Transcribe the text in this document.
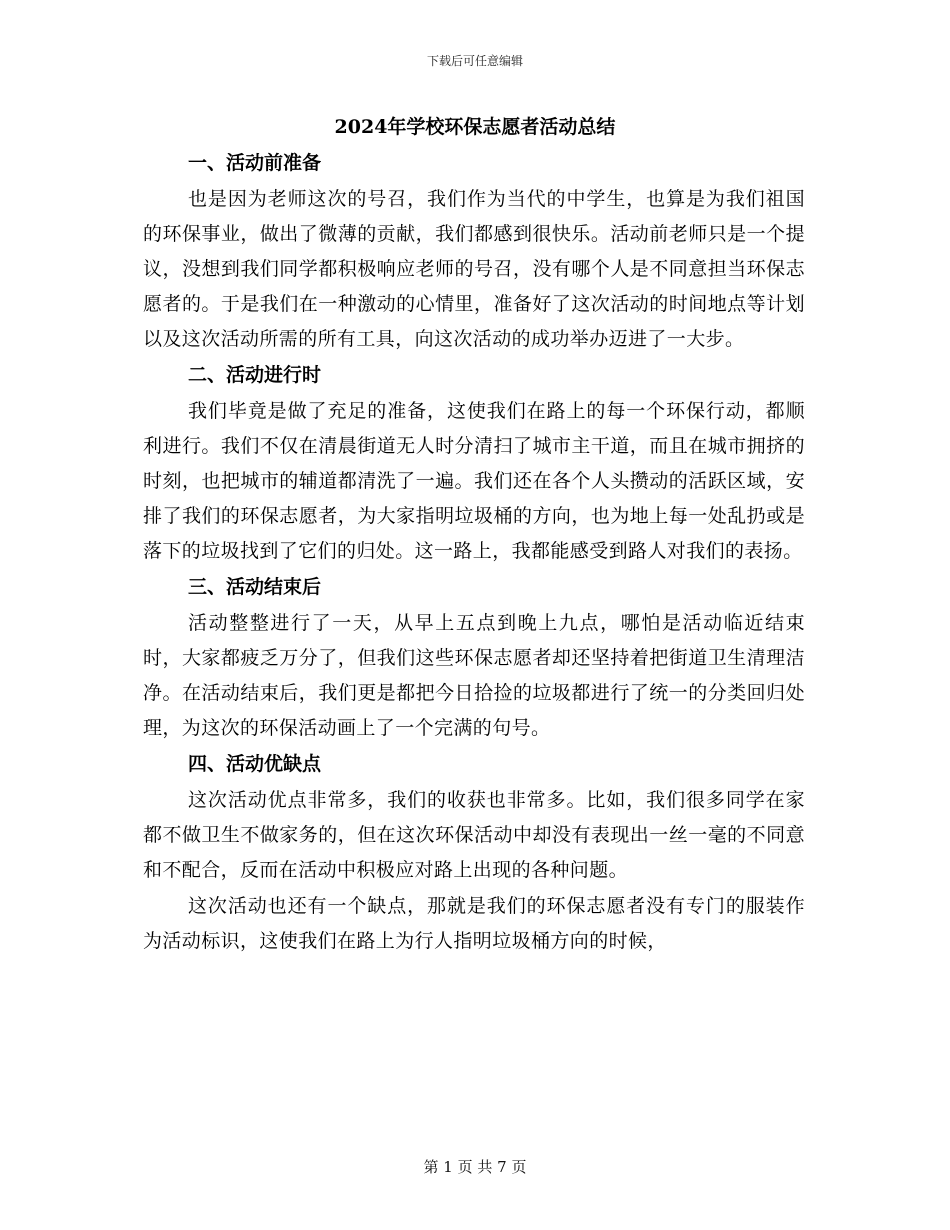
下载后可任意编辑
2024年学校环保志愿者活动总结
一、活动前准备

也是因为老师这次的号召，我们作为当代的中学生，也算是为我们祖国的环保事业，做出了微薄的贡献，我们都感到很快乐。活动前老师只是一个提议，没想到我们同学都积极响应老师的号召，没有哪个人是不同意担当环保志愿者的。于是我们在一种激动的心情里，准备好了这次活动的时间地点等计划以及这次活动所需的所有工具，向这次活动的成功举办迈进了一大步。

二、活动进行时

我们毕竟是做了充足的准备，这使我们在路上的每一个环保行动，都顺利进行。我们不仅在清晨街道无人时分清扫了城市主干道，而且在城市拥挤的时刻，也把城市的辅道都清洗了一遍。我们还在各个人头攒动的活跃区域，安排了我们的环保志愿者，为大家指明垃圾桶的方向，也为地上每一处乱扔或是落下的垃圾找到了它们的归处。这一路上，我都能感受到路人对我们的表扬。

三、活动结束后

活动整整进行了一天，从早上五点到晚上九点，哪怕是活动临近结束时，大家都疲乏万分了，但我们这些环保志愿者却还坚持着把街道卫生清理洁净。在活动结束后，我们更是都把今日拾捡的垃圾都进行了统一的分类回归处理，为这次的环保活动画上了一个完满的句号。

四、活动优缺点

这次活动优点非常多，我们的收获也非常多。比如，我们很多同学在家都不做卫生不做家务的，但在这次环保活动中却没有表现出一丝一毫的不同意和不配合，反而在活动中积极应对路上出现的各种问题。

这次活动也还有一个缺点，那就是我们的环保志愿者没有专门的服装作为活动标识，这使我们在路上为行人指明垃圾桶方向的时候，

第 1 页 共 7 页
